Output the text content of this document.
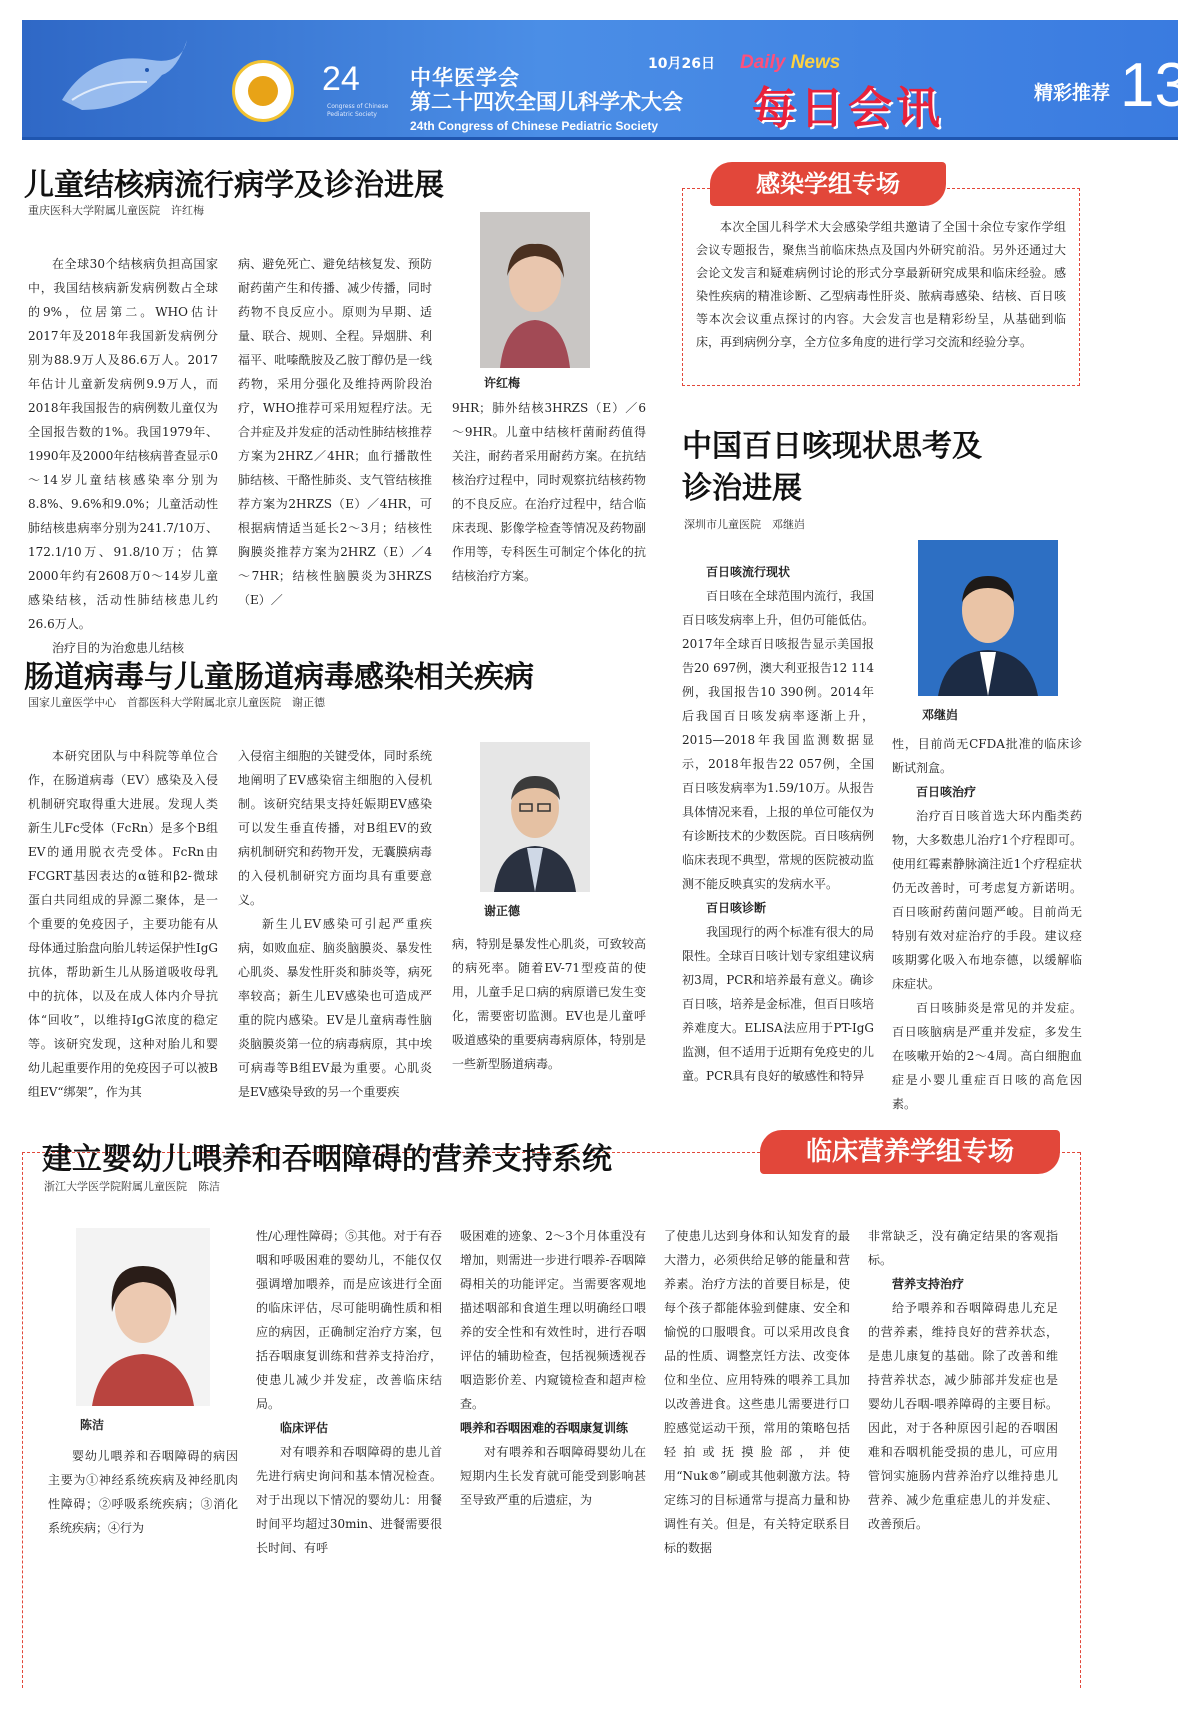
24
Congress of Chinese Pediatric Society
中华医学会
第二十四次全国儿科学术大会
24th Congress of Chinese Pediatric Society
10月26日 Daily News
每日会讯	精彩推荐 13
儿童结核病流行病学及诊治进展
重庆医科大学附属儿童医院　许红梅

在全球30个结核病负担高国家中，我国结核病新发病例数占全球的9%，位居第二。WHO估计2017年及2018年我国新发病例分别为88.9万人及86.6万人。2017年估计儿童新发病例9.9万人，而2018年我国报告的病例数儿童仅为全国报告数的1%。我国1979年、1990年及2000年结核病普查显示0～14岁儿童结核感染率分别为8.8%、9.6%和9.0%；儿童活动性肺结核患病率分别为241.7/10万、172.1/10万、91.8/10万；估算2000年约有2608万0～14岁儿童感染结核，活动性肺结核患儿约26.6万人。

治疗目的为治愈患儿结核

病、避免死亡、避免结核复发、预防耐药菌产生和传播、减少传播，同时药物不良反应小。原则为早期、适量、联合、规则、全程。异烟肼、利福平、吡嗪酰胺及乙胺丁醇仍是一线药物，采用分强化及维持两阶段治疗，WHO推荐可采用短程疗法。无合并症及并发症的活动性肺结核推荐方案为2HRZ／4HR；血行播散性肺结核、干酪性肺炎、支气管结核推荐方案为2HRZS（E）／4HR，可根据病情适当延长2～3月；结核性胸膜炎推荐方案为2HRZ（E）／4～7HR；结核性脑膜炎为3HRZS（E）／

许红梅

9HR；肺外结核3HRZS（E）／6～9HR。儿童中结核杆菌耐药值得关注，耐药者采用耐药方案。在抗结核治疗过程中，同时观察抗结核药物的不良反应。在治疗过程中，结合临床表现、影像学检查等情况及药物副作用等，专科医生可制定个体化的抗结核治疗方案。

感染学组专场
本次全国儿科学术大会感染学组共邀请了全国十余位专家作学组会议专题报告，聚焦当前临床热点及国内外研究前沿。另外还通过大会论文发言和疑难病例讨论的形式分享最新研究成果和临床经验。感染性疾病的精准诊断、乙型病毒性肝炎、脓病毒感染、结核、百日咳等本次会议重点探讨的内容。大会发言也是精彩纷呈，从基础到临床，再到病例分享，全方位多角度的进行学习交流和经验分享。
中国百日咳现状思考及
诊治进展
深圳市儿童医院　邓继岿
邓继岿
百日咳流行现状

百日咳在全球范围内流行，我国百日咳发病率上升，但仍可能低估。2017年全球百日咳报告显示美国报告20 697例，澳大利亚报告12 114例，我国报告10 390例。2014年后我国百日咳发病率逐渐上升，2015—2018年我国监测数据显示，2018年报告22 057例，全国百日咳发病率为1.59/10万。从报告具体情况来看，上报的单位可能仅为有诊断技术的少数医院。百日咳病例临床表现不典型，常规的医院被动监测不能反映真实的发病水平。

百日咳诊断

我国现行的两个标准有很大的局限性。全球百日咳计划专家组建议病初3周，PCR和培养最有意义。确诊百日咳，培养是金标准，但百日咳培养难度大。ELISA法应用于PT-IgG监测，但不适用于近期有免疫史的儿童。PCR具有良好的敏感性和特异

性，目前尚无CFDA批准的临床诊断试剂盒。

百日咳治疗

治疗百日咳首选大环内酯类药物，大多数患儿治疗1个疗程即可。使用红霉素静脉滴注近1个疗程症状仍无改善时，可考虑复方新诺明。百日咳耐药菌问题严峻。目前尚无特别有效对症治疗的手段。建议痉咳期雾化吸入布地奈德，以缓解临床症状。

百日咳肺炎是常见的并发症。百日咳脑病是严重并发症，多发生在咳嗽开始的2～4周。高白细胞血症是小婴儿重症百日咳的高危因素。

肠道病毒与儿童肠道病毒感染相关疾病
国家儿童医学中心　首都医科大学附属北京儿童医院　谢正德

本研究团队与中科院等单位合作，在肠道病毒（EV）感染及入侵机制研究取得重大进展。发现人类新生儿Fc受体（FcRn）是多个B组EV的通用脱衣壳受体。FcRn由FCGRT基因表达的α链和β2-微球蛋白共同组成的异源二聚体，是一个重要的免疫因子，主要功能有从母体通过胎盘向胎儿转运保护性IgG抗体，帮助新生儿从肠道吸收母乳中的抗体，以及在成人体内介导抗体“回收”，以维持IgG浓度的稳定等。该研究发现，这种对胎儿和婴幼儿起重要作用的免疫因子可以被B组EV“绑架”，作为其

入侵宿主细胞的关键受体，同时系统地阐明了EV感染宿主细胞的入侵机制。该研究结果支持妊娠期EV感染可以发生垂直传播，对B组EV的致病机制研究和药物开发，无囊膜病毒的入侵机制研究方面均具有重要意义。

新生儿EV感染可引起严重疾病，如败血症、脑炎脑膜炎、暴发性心肌炎、暴发性肝炎和肺炎等，病死率较高；新生儿EV感染也可造成严重的院内感染。EV是儿童病毒性脑炎脑膜炎第一位的病毒病原，其中埃可病毒等B组EV最为重要。心肌炎是EV感染导致的另一个重要疾

谢正德

病，特别是暴发性心肌炎，可致较高的病死率。随着EV-71型疫苗的使用，儿童手足口病的病原谱已发生变化，需要密切监测。EV也是儿童呼吸道感染的重要病毒病原体，特别是一些新型肠道病毒。

临床营养学组专场
建立婴幼儿喂养和吞咽障碍的营养支持系统
浙江大学医学院附属儿童医院　陈洁
陈洁

婴幼儿喂养和吞咽障碍的病因主要为①神经系统疾病及神经肌肉性障碍；②呼吸系统疾病；③消化系统疾病；④行为

性/心理性障碍；⑤其他。对于有吞咽和呼吸困难的婴幼儿，不能仅仅强调增加喂养，而是应该进行全面的临床评估，尽可能明确性质和相应的病因，正确制定治疗方案，包括吞咽康复训练和营养支持治疗，使患儿减少并发症，改善临床结局。

临床评估

对有喂养和吞咽障碍的患儿首先进行病史询问和基本情况检查。对于出现以下情况的婴幼儿：用餐时间平均超过30min、进餐需要很长时间、有呼

吸困难的迹象、2～3个月体重没有增加，则需进一步进行喂养-吞咽障碍相关的功能评定。当需要客观地描述咽部和食道生理以明确经口喂养的安全性和有效性时，进行吞咽评估的辅助检查，包括视频透视吞咽造影价差、内窥镜检查和超声检查。

喂养和吞咽困难的吞咽康复训练

对有喂养和吞咽障碍婴幼儿在短期内生长发育就可能受到影响甚至导致严重的后遗症，为

了使患儿达到身体和认知发育的最大潜力，必须供给足够的能量和营养素。治疗方法的首要目标是，使每个孩子都能体验到健康、安全和愉悦的口服喂食。可以采用改良食品的性质、调整烹饪方法、改变体位和坐位、应用特殊的喂养工具加以改善进食。这些患儿需要进行口腔感觉运动干预，常用的策略包括轻拍或抚摸脸部，并使用“Nuk®”刷或其他刺激方法。特定练习的目标通常与提高力量和协调性有关。但是，有关特定联系目标的数据

非常缺乏，没有确定结果的客观指标。

营养支持治疗

给予喂养和吞咽障碍患儿充足的营养素，维持良好的营养状态，是患儿康复的基础。除了改善和维持营养状态，减少肺部并发症也是婴幼儿吞咽-喂养障碍的主要目标。因此，对于各种原因引起的吞咽困难和吞咽机能受损的患儿，可应用管饲实施肠内营养治疗以维持患儿营养、减少危重症患儿的并发症、改善预后。
